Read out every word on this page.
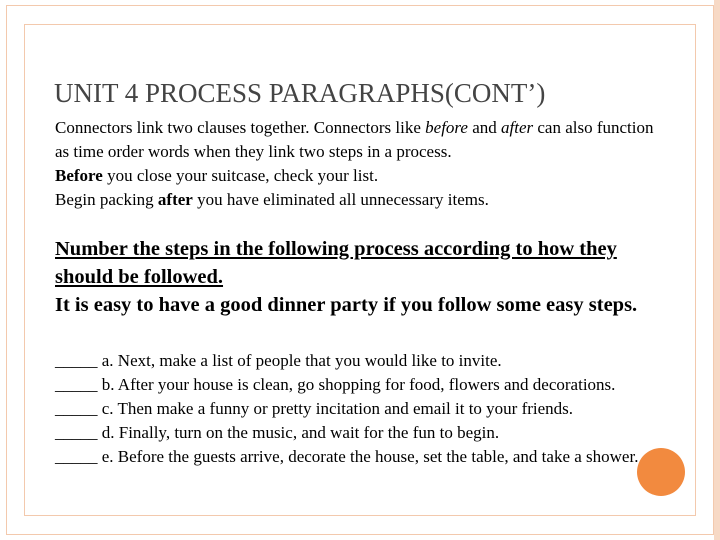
UNIT 4 PROCESS PARAGRAPHS(CONT’)

Connectors link two clauses together. Connectors like before and after can also function as time order words when they link two steps in a process.

Before you close your suitcase, check your list.

Begin packing after you have eliminated all unnecessary items.

Number the steps in the following process according to how they should be followed.

It is easy to have a good dinner party if you follow some easy steps.

_____ a. Next, make a list of people that you would like to invite.

_____ b. After your house is clean, go shopping for food, flowers and decorations.

_____ c. Then make a funny or pretty incitation and email it to your friends.

_____ d. Finally, turn on the music, and wait for the fun to begin.

_____ e. Before the guests arrive, decorate the house, set the table, and take a shower.
